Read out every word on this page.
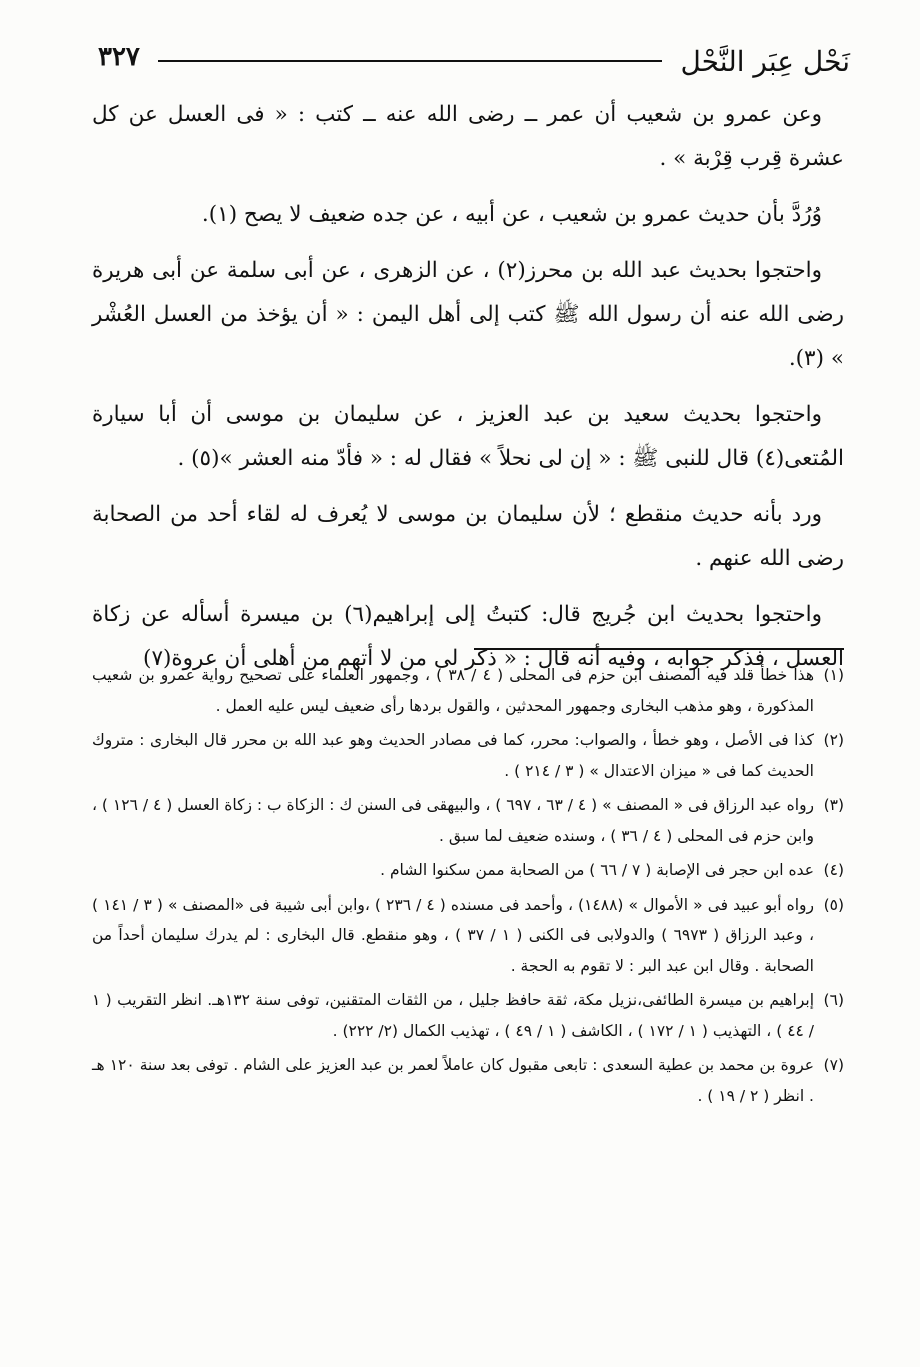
نَحْل عِبَر النَّحْل
٣٢٧

وعن عمرو بن شعيب أن عمر ــ رضى الله عنه ــ كتب : « فى العسل عن كل عشرة قِرب قِرْبة » .

وُرُدَّ بأن حديث عمرو بن شعيب ، عن أبيه ، عن جده ضعيف لا يصح (١).

واحتجوا بحديث عبد الله بن محرز(٢) ، عن الزهرى ، عن أبى سلمة عن أبى هريرة رضى الله عنه أن رسول الله ﷺ كتب إلى أهل اليمن : « أن يؤخذ من العسل العُشْر » (٣).

واحتجوا بحديث سعيد بن عبد العزيز ، عن سليمان بن موسى أن أبا سيارة المُتعى(٤) قال للنبى ﷺ : « إن لى نحلاً » فقال له : « فأدّ منه العشر »(٥) .

ورد بأنه حديث منقطع ؛ لأن سليمان بن موسى لا يُعرف له لقاء أحد من الصحابة رضى الله عنهم .

واحتجوا بحديث ابن جُريج قال: كتبتُ إلى إبراهيم(٦) بن ميسرة أسأله عن زكاة العسل ، فذكر جوابه ، وفيه أنه قال : « ذكر لى من لا أتهم من أهلى أن عروة(٧)

(١)هذا خطأ قلد فيه المصنف ابن حزم فى المحلى ( ٤ / ٣٨ ) ، وجمهور العلماء على تصحيح رواية عمرو بن شعيب المذكورة ، وهو مذهب البخارى وجمهور المحدثين ، والقول بردها رأى ضعيف ليس عليه العمل .

(٢)كذا فى الأصل ، وهو خطأ ، والصواب: محرر، كما فى مصادر الحديث وهو عبد الله بن محرر قال البخارى : متروك الحديث كما فى « ميزان الاعتدال » ( ٣ / ٢١٤ ) .

(٣)رواه عبد الرزاق فى « المصنف » ( ٤ / ٦٣ ، ٦٩٧ ) ، والبيهقى فى السنن ك : الزكاة ب : زكاة العسل ( ٤ / ١٢٦ ) ، وابن حزم فى المحلى ( ٤ / ٣٦ ) ، وسنده ضعيف لما سبق .

(٤)عده ابن حجر فى الإصابة ( ٧ / ٦٦ ) من الصحابة ممن سكنوا الشام .

(٥)رواه أبو عبيد فى « الأموال » (١٤٨٨) ، وأحمد فى مسنده ( ٤ / ٢٣٦ ) ،وابن أبى شيبة فى «المصنف » ( ٣ / ١٤١ ) ، وعبد الرزاق ( ٦٩٧٣ ) والدولابى فى الكنى ( ١ / ٣٧ ) ، وهو منقطع. قال البخارى : لم يدرك سليمان أحداً من الصحابة . وقال ابن عبد البر : لا تقوم به الحجة .

(٦)إبراهيم بن ميسرة الطائفى،نزيل مكة، ثقة حافظ جليل ، من الثقات المتقنين، توفى سنة ١٣٢هـ. انظر التقريب ( ١ / ٤٤ ) ، التهذيب ( ١ / ١٧٢ ) ، الكاشف ( ١ / ٤٩ ) ، تهذيب الكمال (٢/ ٢٢٢) .

(٧)عروة بن محمد بن عطية السعدى : تابعى مقبول كان عاملاً لعمر بن عبد العزيز على الشام . توفى بعد سنة ١٢٠ هـ . انظر ( ٢ / ١٩ ) .
